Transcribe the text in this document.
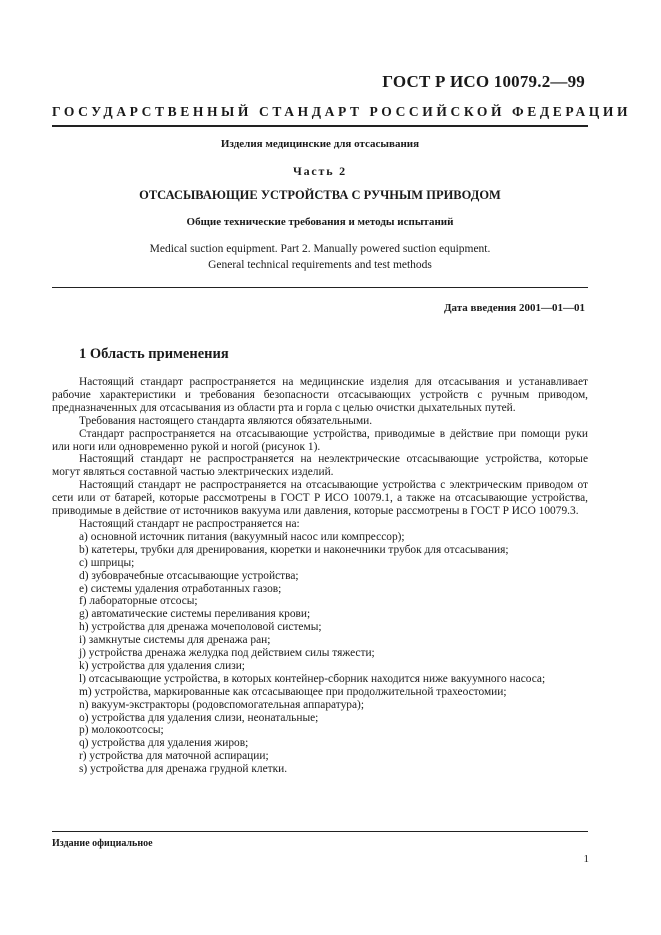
ГОСТ Р ИСО 10079.2—99
ГОСУДАРСТВЕННЫЙ СТАНДАРТ РОССИЙСКОЙ ФЕДЕРАЦИИ
Изделия медицинские для отсасывания
Часть 2
ОТСАСЫВАЮЩИЕ УСТРОЙСТВА С РУЧНЫМ ПРИВОДОМ
Общие технические требования и методы испытаний
Medical suction equipment. Part 2. Manually powered suction equipment.
General technical requirements and test methods
Дата введения 2001—01—01
1 Область применения

Настоящий стандарт распространяется на медицинские изделия для отсасывания и устанавливает рабочие характеристики и требования безопасности отсасывающих устройств с ручным приводом, предназначенных для отсасывания из области рта и горла с целью очистки дыхательных путей.

Требования настоящего стандарта являются обязательными.

Стандарт распространяется на отсасывающие устройства, приводимые в действие при помощи руки или ноги или одновременно рукой и ногой (рисунок 1).

Настоящий стандарт не распространяется на неэлектрические отсасывающие устройства, которые могут являться составной частью электрических изделий.

Настоящий стандарт не распространяется на отсасывающие устройства с электрическим приводом от сети или от батарей, которые рассмотрены в ГОСТ Р ИСО 10079.1, а также на отсасывающие устройства, приводимые в действие от источников вакуума или давления, которые рассмотрены в ГОСТ Р ИСО 10079.3.

Настоящий стандарт не распространяется на:

a) основной источник питания (вакуумный насос или компрессор);
b) катетеры, трубки для дренирования, кюретки и наконечники трубок для отсасывания;
c) шприцы;
d) зубоврачебные отсасывающие устройства;
e) системы удаления отработанных газов;
f) лабораторные отсосы;
g) автоматические системы переливания крови;
h) устройства для дренажа мочеполовой системы;
i) замкнутые системы для дренажа ран;
j) устройства дренажа желудка под действием силы тяжести;
k) устройства для удаления слизи;
l) отсасывающие устройства, в которых контейнер-сборник находится ниже вакуумного насоса;
m) устройства, маркированные как отсасывающее при продолжительной трахеостомии;
n) вакуум-экстракторы (родовспомогательная аппаратура);
o) устройства для удаления слизи, неонатальные;
p) молокоотсосы;
q) устройства для удаления жиров;
r) устройства для маточной аспирации;
s) устройства для дренажа грудной клетки.
Издание официальное
1
